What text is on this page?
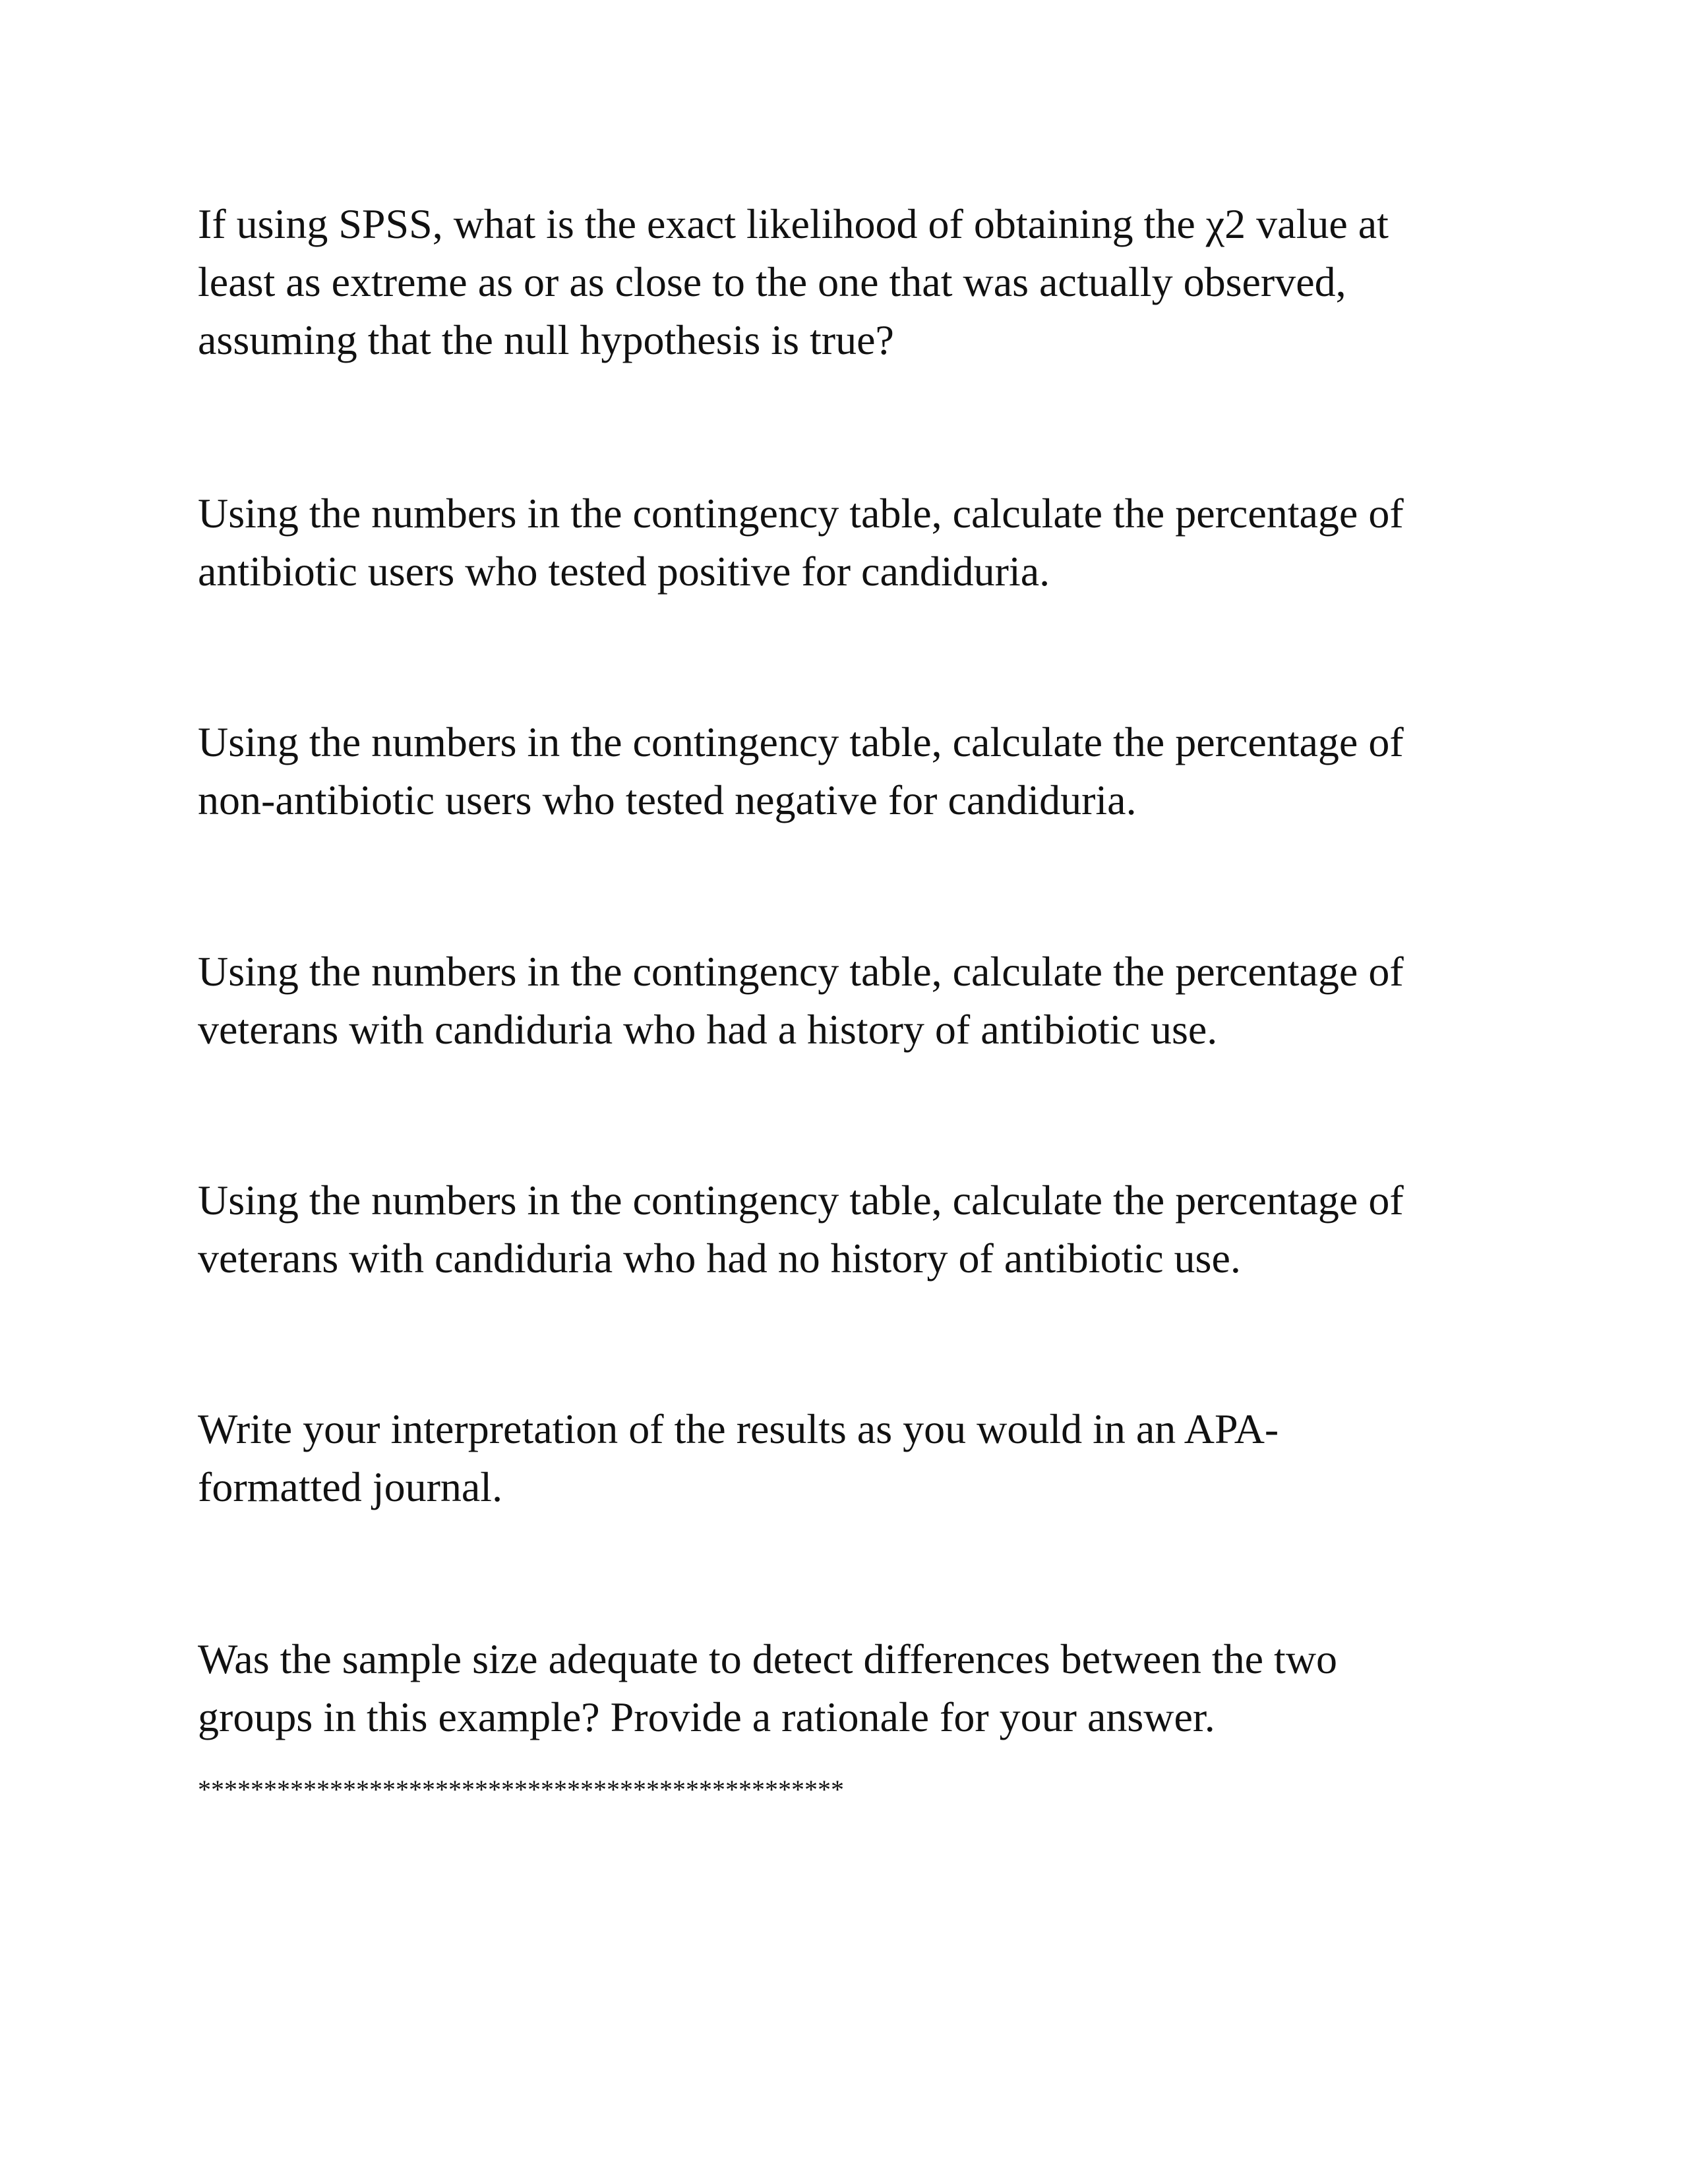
If using SPSS, what is the exact likelihood of obtaining the χ2 value at
least as extreme as or as close to the one that was actually observed,
assuming that the null hypothesis is true?

Using the numbers in the contingency table, calculate the percentage of
antibiotic users who tested positive for candiduria.

Using the numbers in the contingency table, calculate the percentage of
non-antibiotic users who tested negative for candiduria.

Using the numbers in the contingency table, calculate the percentage of
veterans with candiduria who had a history of antibiotic use.

Using the numbers in the contingency table, calculate the percentage of
veterans with candiduria who had no history of antibiotic use.

Write your interpretation of the results as you would in an APA-
formatted journal.

Was the sample size adequate to detect differences between the two
groups in this example? Provide a rationale for your answer.

*************************************************
